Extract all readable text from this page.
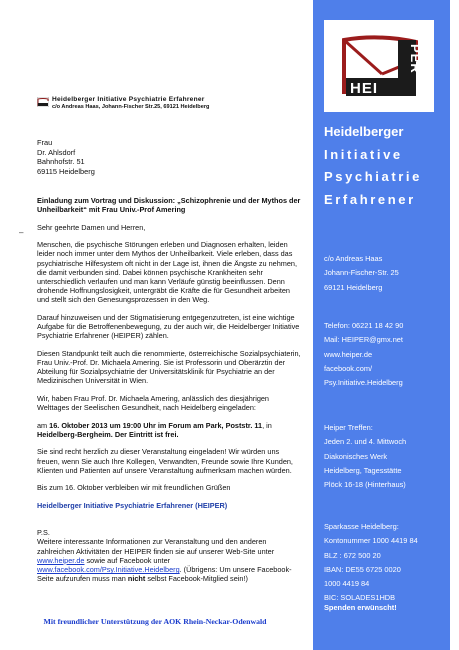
Heidelberger Initiative Psychiatrie Erfahrener
c/o Andreas Haas, Johann-Fischer Str.25, 69121 Heidelberg
Frau
Dr. Ahlsdorf
Bahnhofstr. 51
69115 Heidelberg
–

Einladung zum Vortrag und Diskussion: „Schizophrenie und der Mythos der Unheilbarkeit“ mit Frau Univ.-Prof Amering

Sehr geehrte Damen und Herren,

Menschen, die psychische Störungen erleben und Diagnosen erhalten, leiden leider noch immer unter dem Mythos der Unheilbarkeit. Viele erleben, dass das psychiatrische Hilfesystem oft nicht in der Lage ist, ihnen die Ängste zu nehmen, die damit verbunden sind. Dabei können psychische Krankheiten sehr unterschiedlich verlaufen und man kann Verläufe günstig beeinflussen. Denn drohende Hoffnungslosigkeit, untergräbt die Kräfte die für Gesundheit arbeiten und stellt sich den Genesungsprozessen in den Weg.

Darauf hinzuweisen und der Stigmatisierung entgegenzutreten, ist eine wichtige Aufgabe für die Betroffenenbewegung, zu der auch wir, die Heidelberger Initiative Psychiatrie Erfahrener (HEIPER) zählen.

Diesen Standpunkt teilt auch die renommierte, österreichische Sozialpsychiaterin, Frau Univ.-Prof. Dr. Michaela Amering. Sie ist Professorin und Oberärztin der Abteilung für Sozialpsychiatrie der Universitätsklinik für Psychiatrie an der Medizinischen Universität in Wien.

Wir, haben Frau Prof. Dr. Michaela Amering, anlässlich des diesjährigen Welttages der Seelischen Gesundheit, nach Heidelberg eingeladen:

am 16. Oktober 2013 um 19:00 Uhr im Forum am Park, Poststr. 11, in Heidelberg-Bergheim. Der Eintritt ist frei.

Sie sind recht herzlich zu dieser Veranstaltung eingeladen! Wir würden uns freuen, wenn Sie auch Ihre Kollegen, Verwandten, Freunde sowie Ihre Kunden, Klienten und Patienten auf unsere Veranstaltung aufmerksam machen würden.

Bis zum 16. Oktober verbleiben wir mit freundlichen Grüßen

Heidelberger Initiative Psychiatrie Erfahrener (HEIPER)

P.S.
Weitere interessante Informationen zur Veranstaltung und den anderen zahlreichen Aktivitäten der HEIPER finden sie auf unserer Web-Site unter
www.heiper.de sowie auf Facebook unter
www.facebook.com/Psy.Initiative.Heidelberg. (Übrigens: Um unsere Facebook-Seite aufzurufen muss man nicht selbst Facebook-Mitglied sein!)
Mit freundlicher Unterstützung der AOK Rhein-Neckar-Odenwald
HEI
PER
Heidelberger
Initiative
Psychiatrie
Erfahrener
c/o Andreas Haas
Johann-Fischer-Str. 25
69121 Heidelberg
Telefon: 06221 18 42 90
Mail: HEIPER@gmx.net
www.heiper.de
facebook.com/
Psy.Initiative.Heidelberg
Heiper Treffen:
Jeden 2. und 4. Mittwoch
Diakonisches Werk
Heidelberg, Tagesstätte
Plöck 16-18 (Hinterhaus)
Sparkasse Heidelberg:
Kontonummer 1000 4419 84
BLZ : 672 500 20
IBAN: DE55 6725 0020
1000 4419 84
BIC: SOLADES1HDB
Spenden erwünscht!
